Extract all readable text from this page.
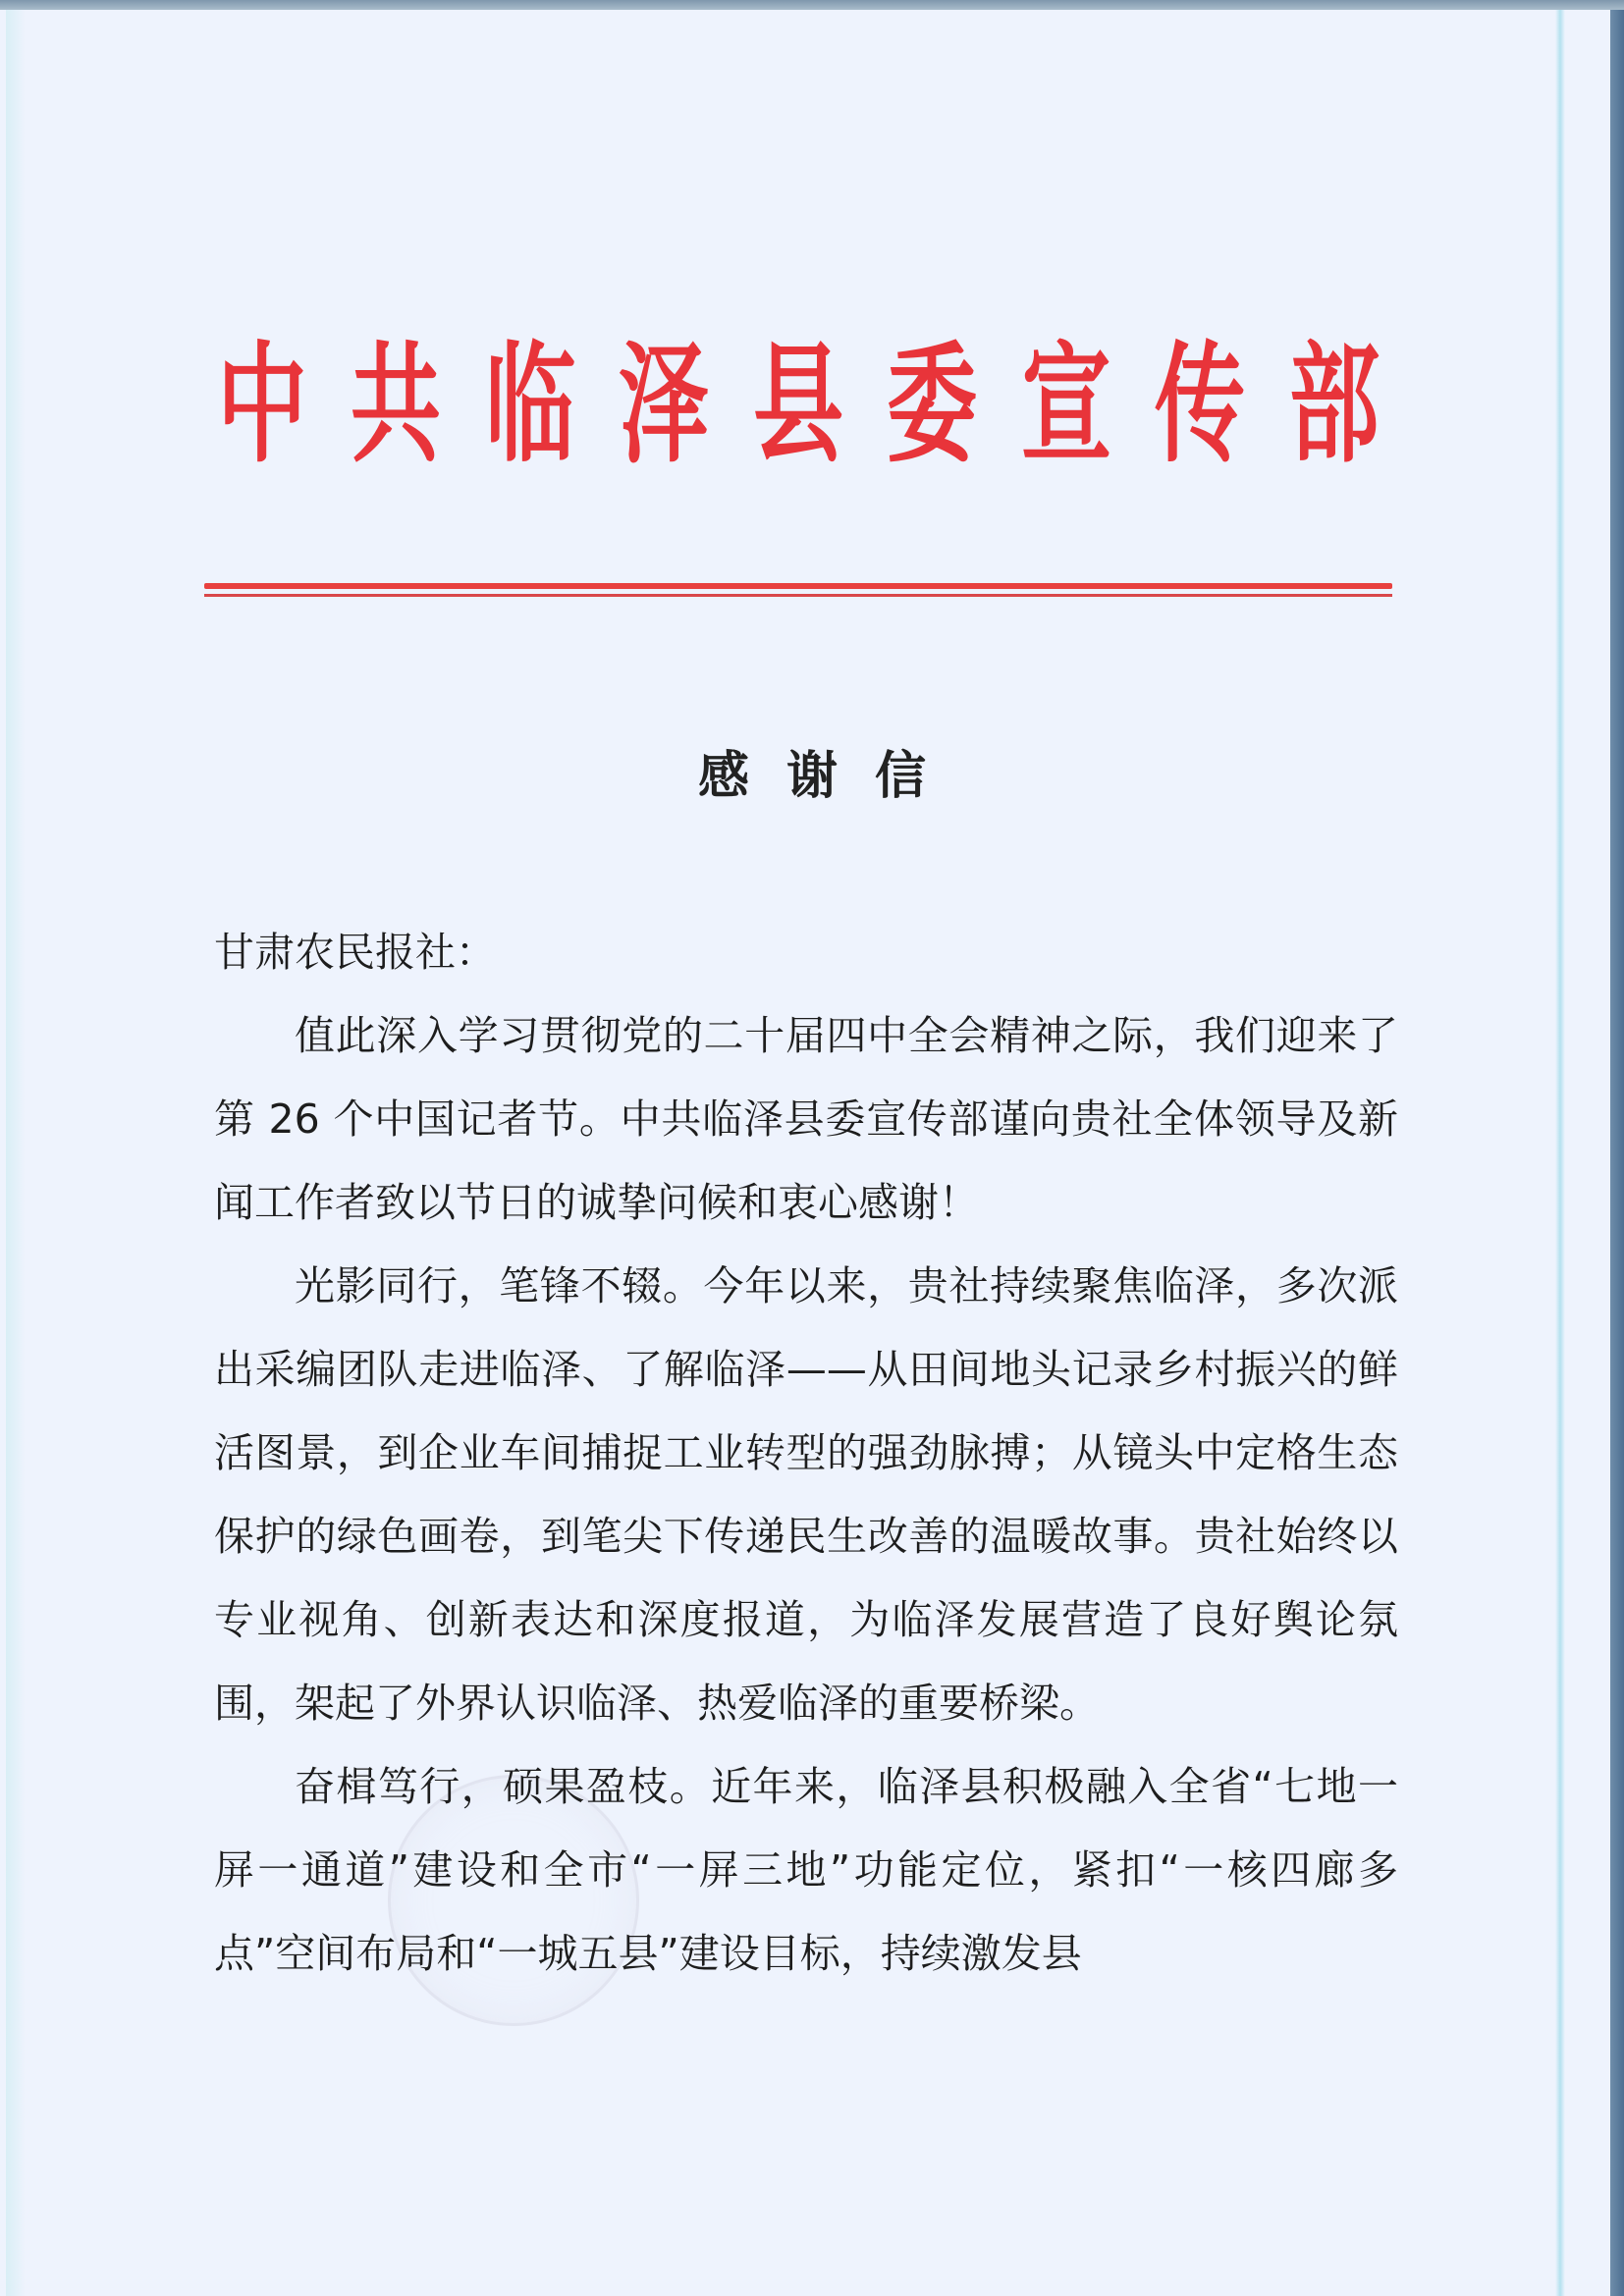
中 共 临 泽 县 委 宣 传 部
感谢信

甘肃农民报社：

值此深入学习贯彻党的二十届四中全会精神之际，我们迎来了第 26 个中国记者节。中共临泽县委宣传部谨向贵社全体领导及新闻工作者致以节日的诚挚问候和衷心感谢！

光影同行，笔锋不辍。今年以来，贵社持续聚焦临泽，多次派出采编团队走进临泽、了解临泽——从田间地头记录乡村振兴的鲜活图景，到企业车间捕捉工业转型的强劲脉搏；从镜头中定格生态保护的绿色画卷，到笔尖下传递民生改善的温暖故事。贵社始终以专业视角、创新表达和深度报道，为临泽发展营造了良好舆论氛围，架起了外界认识临泽、热爱临泽的重要桥梁。

奋楫笃行，硕果盈枝。近年来，临泽县积极融入全省“七地一屏一通道”建设和全市“一屏三地”功能定位，紧扣“一核四廊多点”空间布局和“一城五县”建设目标，持续激发县
